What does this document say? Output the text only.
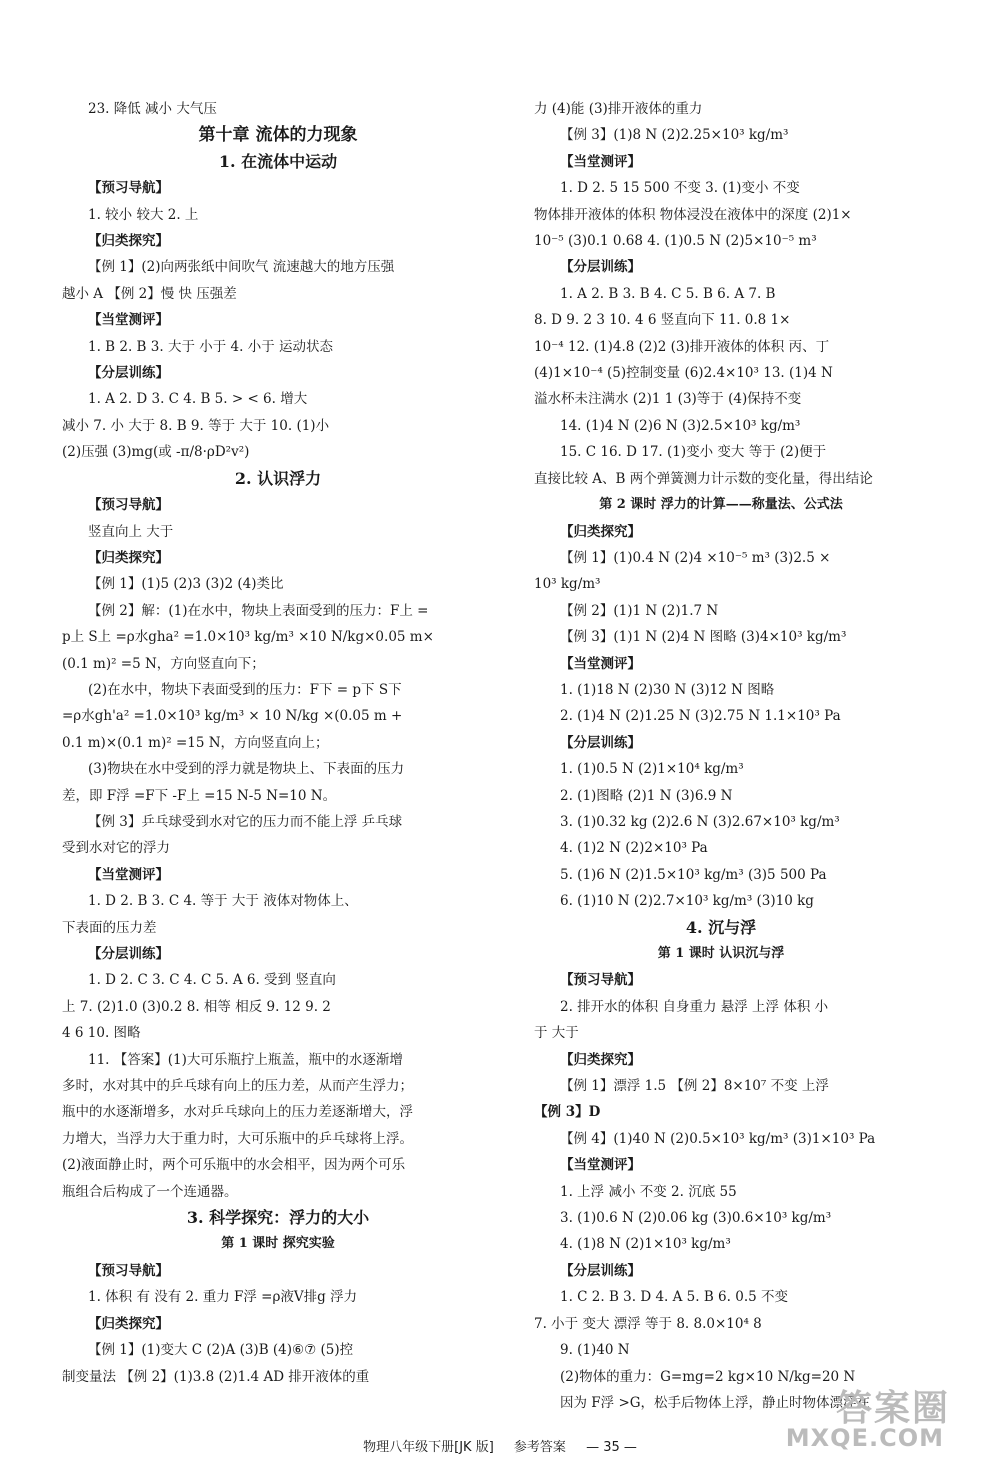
23. 降低 减小 大气压
第十章 流体的力现象
1. 在流体中运动
【预习导航】
1. 较小 较大 2. 上
【归类探究】
【例 1】(2)向两张纸中间吹气 流速越大的地方压强
越小 A 【例 2】慢 快 压强差
【当堂测评】
1. B 2. B 3. 大于 小于 4. 小于 运动状态
【分层训练】
1. A 2. D 3. C 4. B 5. > < 6. 增大
减小 7. 小 大于 8. B 9. 等于 大于 10. (1)小
(2)压强 (3)mg(或 -π/8·ρD²v²)
2. 认识浮力
【预习导航】
竖直向上 大于
【归类探究】
【例 1】(1)5 (2)3 (3)2 (4)类比
【例 2】解：(1)在水中，物块上表面受到的压力：F上 =
p上 S上 =ρ水gha² =1.0×10³ kg/m³ ×10 N/kg×0.05 m×
(0.1 m)² =5 N，方向竖直向下；
(2)在水中，物块下表面受到的压力：F下 = p下 S下
=ρ水gh'a² =1.0×10³ kg/m³ × 10 N/kg ×(0.05 m +
0.1 m)×(0.1 m)² =15 N，方向竖直向上；
(3)物块在水中受到的浮力就是物块上、下表面的压力
差，即 F浮 =F下 -F上 =15 N-5 N=10 N。
【例 3】乒乓球受到水对它的压力而不能上浮 乒乓球
受到水对它的浮力
【当堂测评】
1. D 2. B 3. C 4. 等于 大于 液体对物体上、
下表面的压力差
【分层训练】
1. D 2. C 3. C 4. C 5. A 6. 受到 竖直向
上 7. (2)1.0 (3)0.2 8. 相等 相反 9. 12 9. 2
4 6 10. 图略
11. 【答案】(1)大可乐瓶拧上瓶盖，瓶中的水逐渐增
多时，水对其中的乒乓球有向上的压力差，从而产生浮力；
瓶中的水逐渐增多，水对乒乓球向上的压力差逐渐增大，浮
力增大，当浮力大于重力时，大可乐瓶中的乒乓球将上浮。
(2)液面静止时，两个可乐瓶中的水会相平，因为两个可乐
瓶组合后构成了一个连通器。
3. 科学探究：浮力的大小
第 1 课时 探究实验
【预习导航】
1. 体积 有 没有 2. 重力 F浮 =ρ液V排g 浮力
【归类探究】
【例 1】(1)变大 C (2)A (3)B (4)⑥⑦ (5)控
制变量法 【例 2】(1)3.8 (2)1.4 AD 排开液体的重
力 (4)能 (3)排开液体的重力
【例 3】(1)8 N (2)2.25×10³ kg/m³
【当堂测评】
1. D 2. 5 15 500 不变 3. (1)变小 不变
物体排开液体的体积 物体浸没在液体中的深度 (2)1×
10⁻⁵ (3)0.1 0.68 4. (1)0.5 N (2)5×10⁻⁵ m³
【分层训练】
1. A 2. B 3. B 4. C 5. B 6. A 7. B
8. D 9. 2 3 10. 4 6 竖直向下 11. 0.8 1×
10⁻⁴ 12. (1)4.8 (2)2 (3)排开液体的体积 丙、丁
(4)1×10⁻⁴ (5)控制变量 (6)2.4×10³ 13. (1)4 N
溢水杯未注满水 (2)1 1 (3)等于 (4)保持不变
14. (1)4 N (2)6 N (3)2.5×10³ kg/m³
15. C 16. D 17. (1)变小 变大 等于 (2)便于
直接比较 A、B 两个弹簧测力计示数的变化量，得出结论
第 2 课时 浮力的计算——称量法、公式法
【归类探究】
【例 1】(1)0.4 N (2)4 ×10⁻⁵ m³ (3)2.5 ×
10³ kg/m³
【例 2】(1)1 N (2)1.7 N
【例 3】(1)1 N (2)4 N 图略 (3)4×10³ kg/m³
【当堂测评】
1. (1)18 N (2)30 N (3)12 N 图略
2. (1)4 N (2)1.25 N (3)2.75 N 1.1×10³ Pa
【分层训练】
1. (1)0.5 N (2)1×10⁴ kg/m³
2. (1)图略 (2)1 N (3)6.9 N
3. (1)0.32 kg (2)2.6 N (3)2.67×10³ kg/m³
4. (1)2 N (2)2×10³ Pa
5. (1)6 N (2)1.5×10³ kg/m³ (3)5 500 Pa
6. (1)10 N (2)2.7×10³ kg/m³ (3)10 kg
4. 沉与浮
第 1 课时 认识沉与浮
【预习导航】
2. 排开水的体积 自身重力 悬浮 上浮 体积 小
于 大于
【归类探究】
【例 1】漂浮 1.5 【例 2】8×10⁷ 不变 上浮
【例 3】D
【例 4】(1)40 N (2)0.5×10³ kg/m³ (3)1×10³ Pa
【当堂测评】
1. 上浮 减小 不变 2. 沉底 55
3. (1)0.6 N (2)0.06 kg (3)0.6×10³ kg/m³
4. (1)8 N (2)1×10³ kg/m³
【分层训练】
1. C 2. B 3. D 4. A 5. B 6. 0.5 不变
7. 小于 变大 漂浮 等于 8. 8.0×10⁴ 8
9. (1)40 N
(2)物体的重力：G=mg=2 kg×10 N/kg=20 N
因为 F浮 >G，松手后物体上浮，静止时物体漂浮在
物理八年级下册[JK 版] 参考答案 — 35 —
答案圈
MXQE.COM
